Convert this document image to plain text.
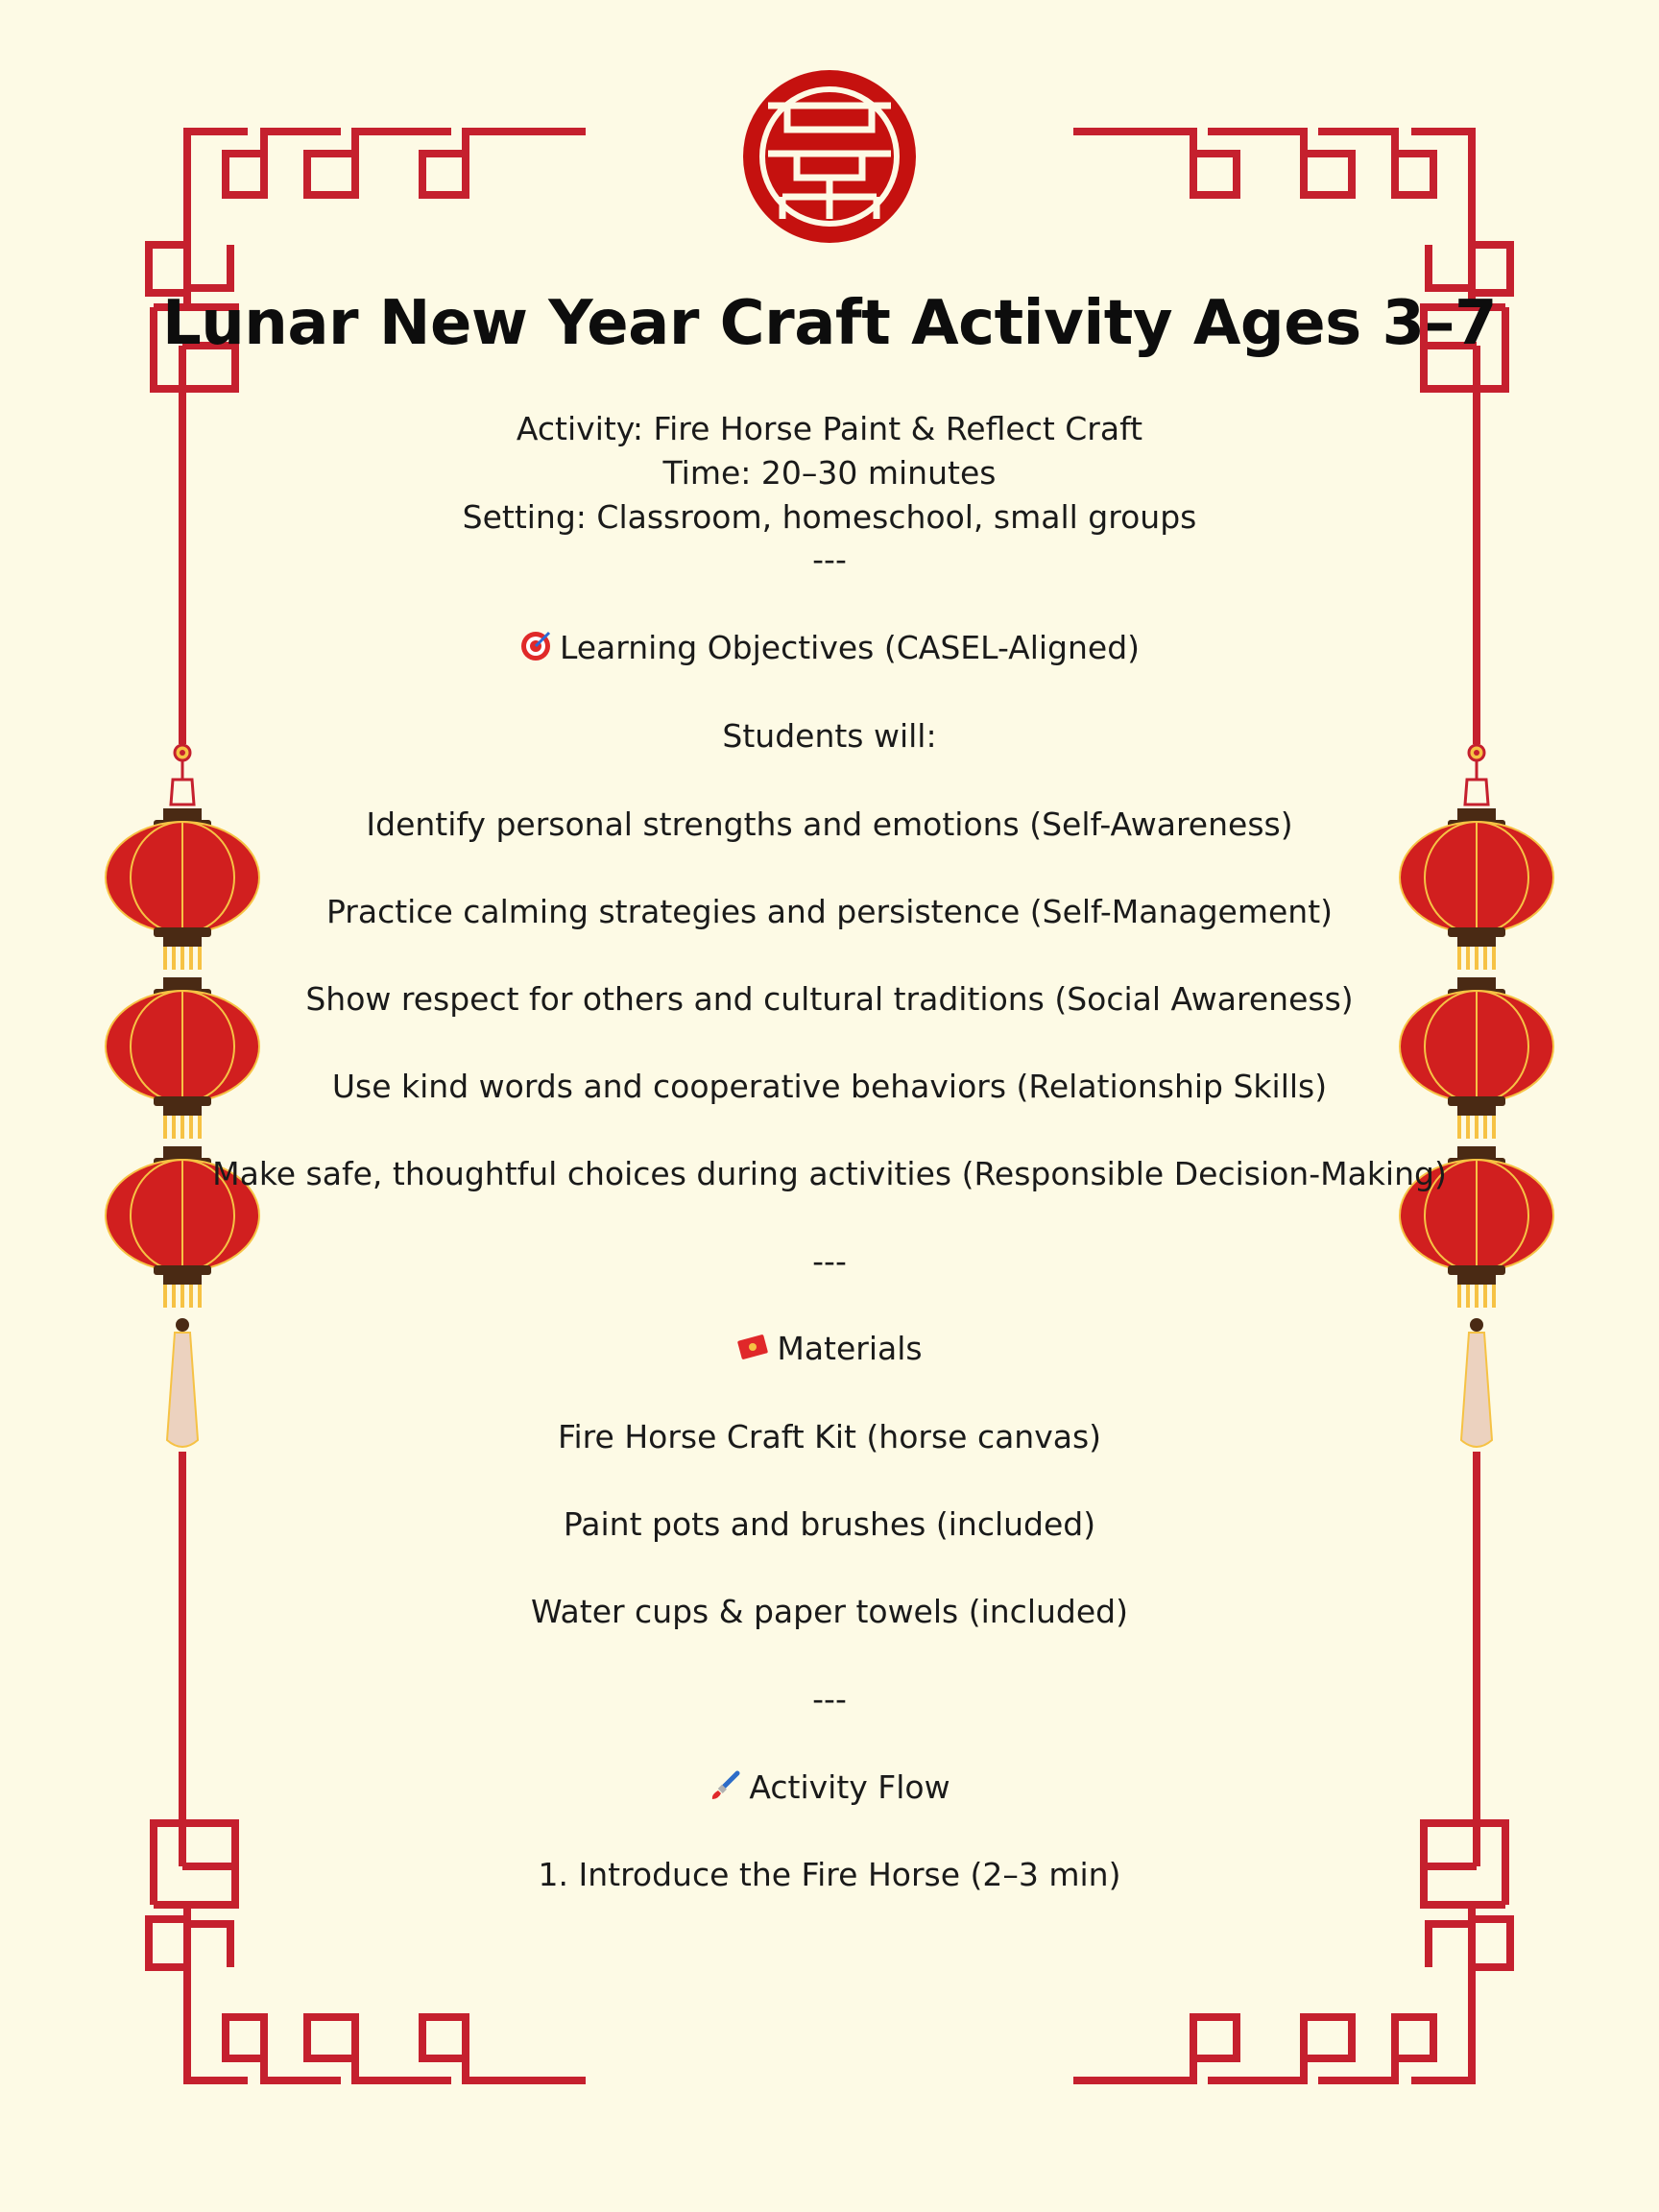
Lunar New Year Craft Activity Ages 3–7
Activity: Fire Horse Paint & Reflect Craft
Time: 20–30 minutes
Setting: Classroom, homeschool, small groups
---
Learning Objectives (CASEL-Aligned)
Students will:
Identify personal strengths and emotions (Self-Awareness)
Practice calming strategies and persistence (Self-Management)
Show respect for others and cultural traditions (Social Awareness)
Use kind words and cooperative behaviors (Relationship Skills)
Make safe, thoughtful choices during activities (Responsible Decision-Making)
---
Materials
Fire Horse Craft Kit (horse canvas)
Paint pots and brushes (included)
Water cups & paper towels (included)
---
Activity Flow
1. Introduce the Fire Horse (2–3 min)
